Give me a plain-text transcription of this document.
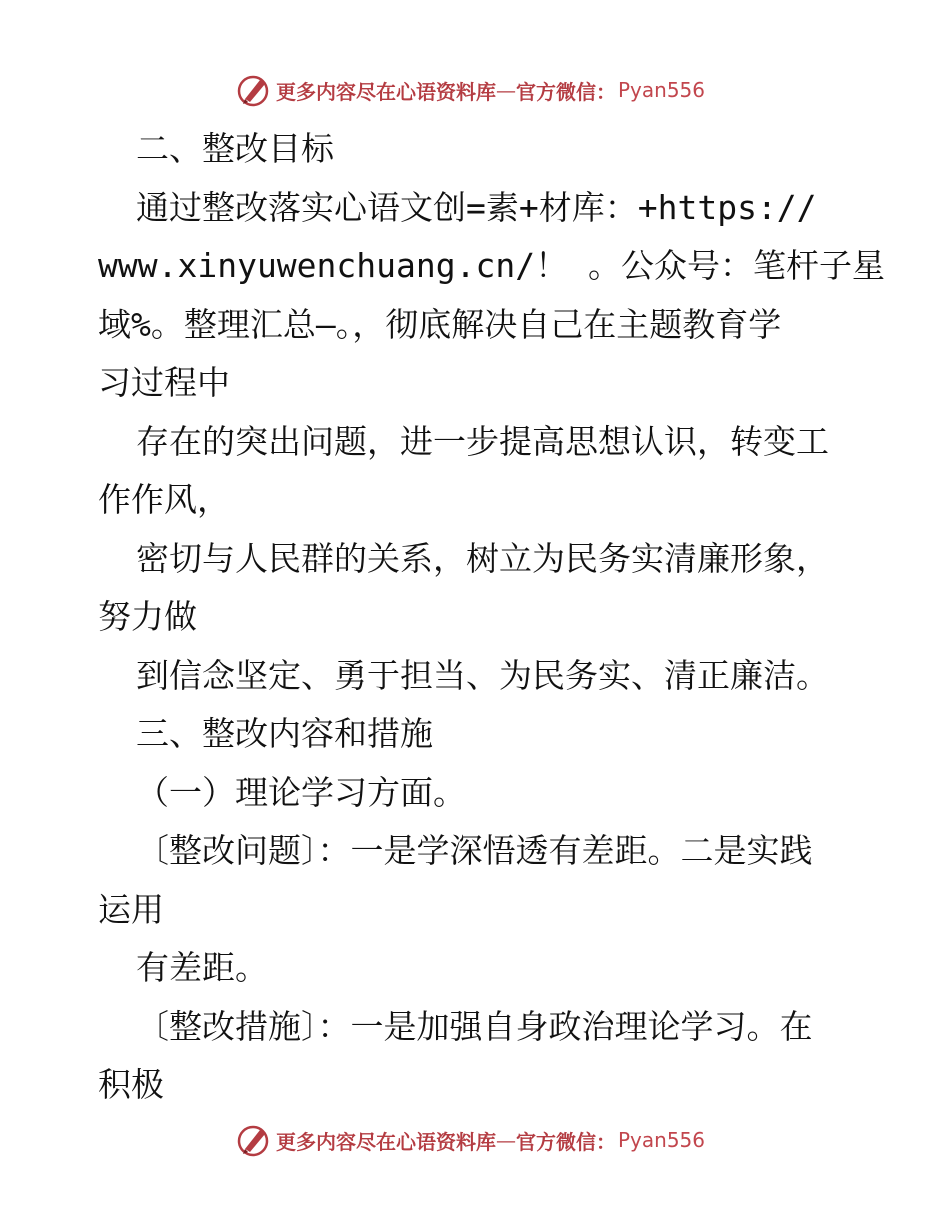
更多内容尽在心语资料库 — 官方微信： Pyan556
二、整改目标
通过整改落实心语文创=素+材库：+https://
www.xinyuwenchuang.cn/！ 。公众号：笔杆子星
域%。整理汇总—。，彻底解决自己在主题教育学
习过程中
存在的突出问题，进一步提高思想认识，转变工
作作风，
密切与人民群的关系，树立为民务实清廉形象，
努力做
到信念坚定、勇于担当、为民务实、清正廉洁。
三、整改内容和措施
（一）理论学习方面。
〔整改问题〕：一是学深悟透有差距。二是实践
运用
有差距。
〔整改措施〕：一是加强自身政治理论学习。在
积极
更多内容尽在心语资料库 — 官方微信： Pyan556
